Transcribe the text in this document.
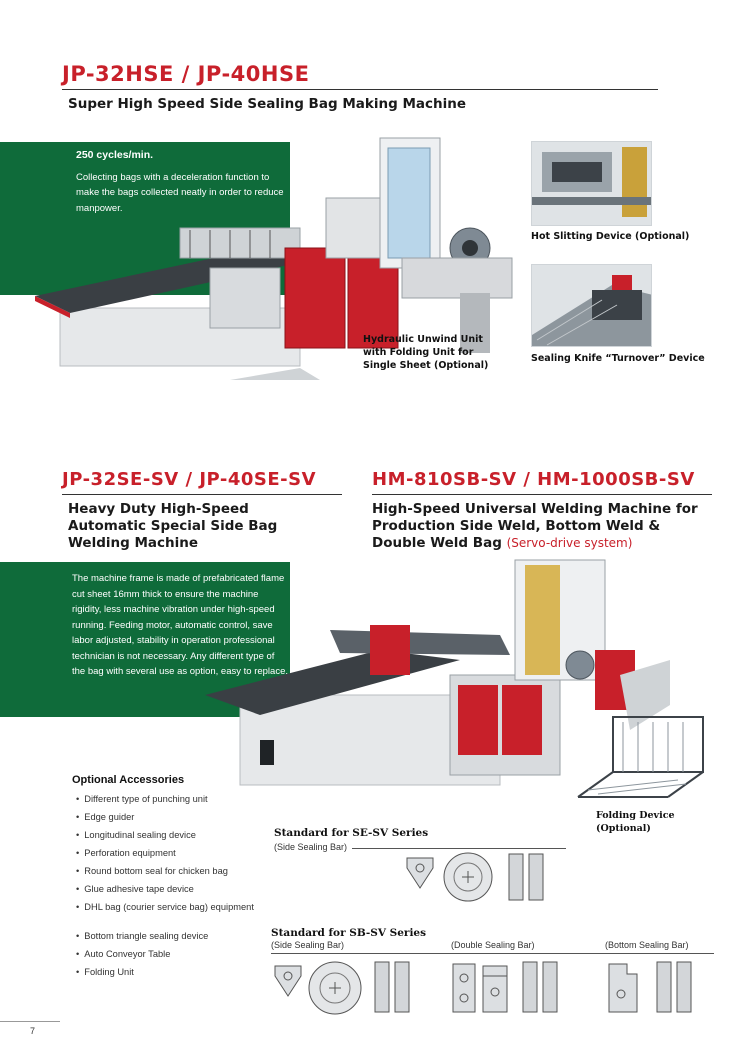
JP-32HSE / JP-40HSE
Super High Speed Side Sealing Bag Making Machine
250 cycles/min.
Collecting bags with a deceleration function to make the bags collected neatly in order to reduce manpower.
Hot Slitting Device (Optional)
Hydraulic Unwind Unit with Folding Unit for Single Sheet (Optional)
Sealing Knife “Turnover” Device
JP-32SE-SV / JP-40SE-SV
Heavy Duty High-Speed Automatic Special Side Bag Welding Machine
HM-810SB-SV / HM-1000SB-SV
High-Speed Universal Welding Machine for Production Side Weld, Bottom Weld & Double Weld Bag (Servo-drive system)
The machine frame is made of prefabricated flame cut sheet 16mm thick to ensure the machine rigidity, less machine vibration under high-speed running. Feeding motor, automatic control, save labor adjusted, stability in operation professional technician is not necessary. Any different type of the bag with several use as option, easy to replace.
Folding Device (Optional)
Optional Accessories
• Different type of punching unit
• Edge guider
• Longitudinal sealing device
• Perforation equipment
• Round bottom seal for chicken bag
• Glue adhesive tape device
• DHL bag (courier service bag) equipment
• Bottom triangle sealing device
• Auto Conveyor Table
• Folding Unit
Standard for SE-SV Series
(Side Sealing Bar)
Standard for SB-SV Series
(Side Sealing Bar)	(Double Sealing Bar)	(Bottom Sealing Bar)
7
